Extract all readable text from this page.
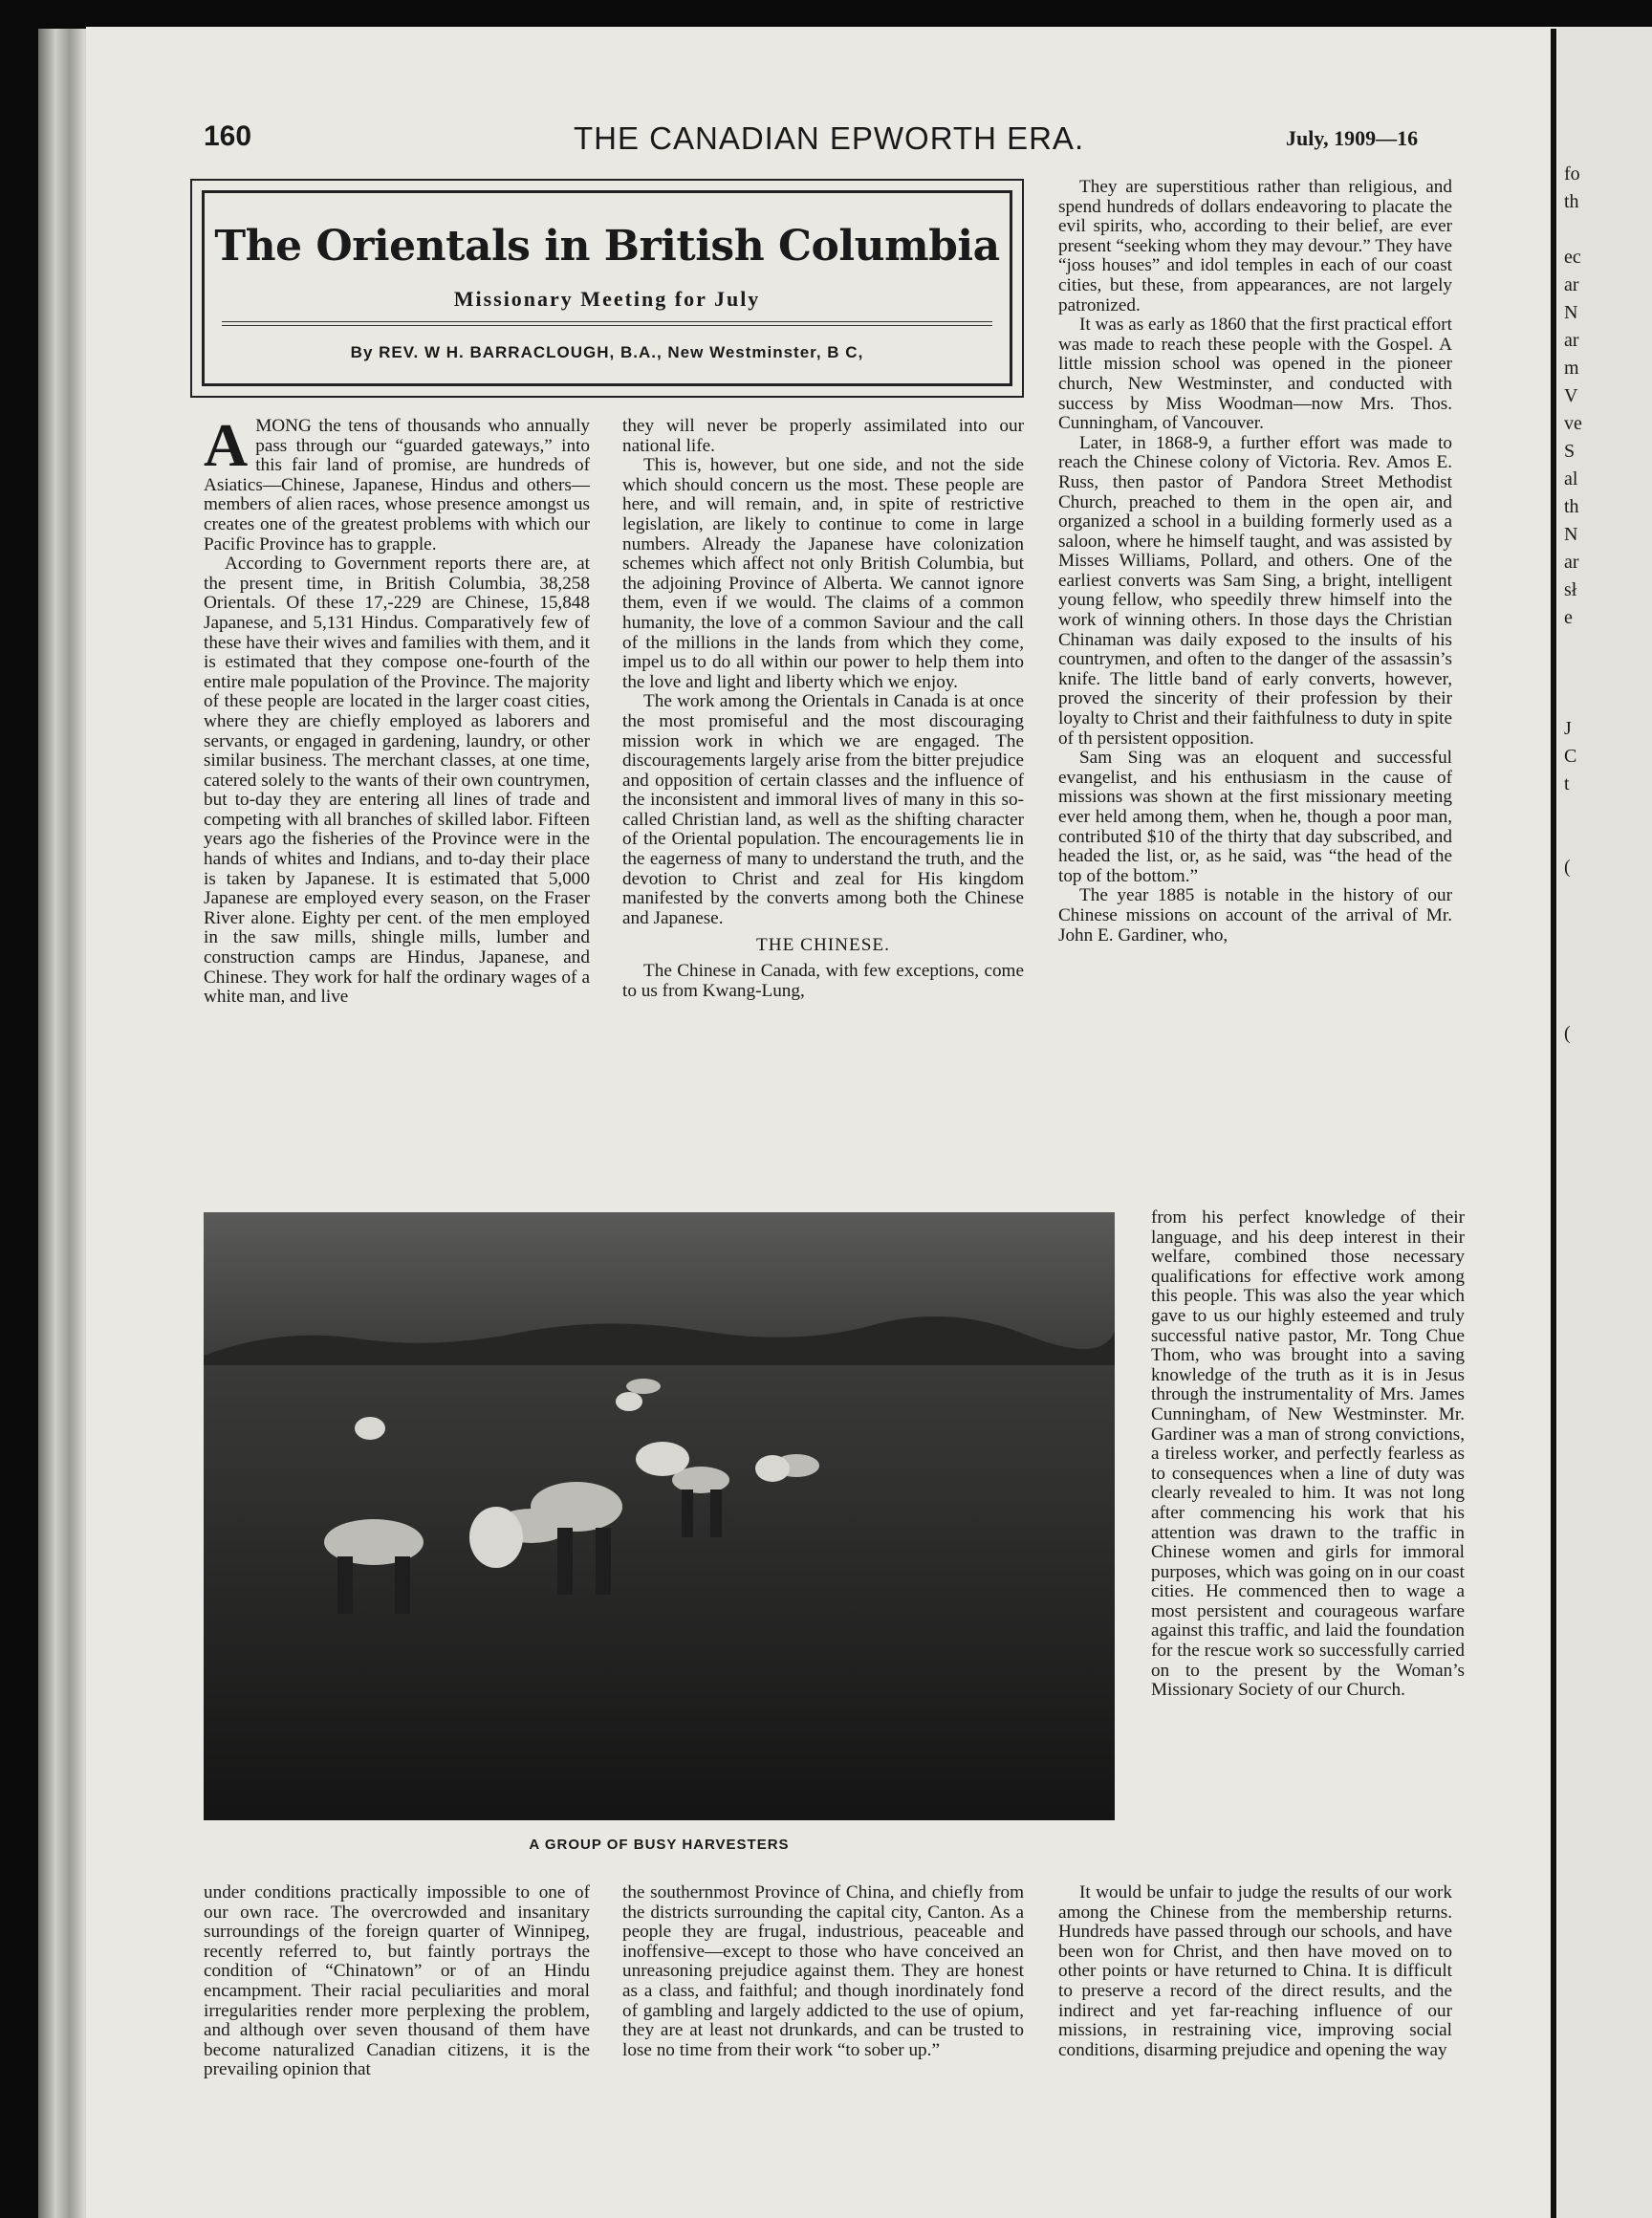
fo
th

ec
ar
N
ar
m
V
ve
S
al
th
N
ar
sł
e

J
C
t

(

(
160	THE CANADIAN EPWORTH ERA.	July, 1909—16
The Orientals in British Columbia
Missionary Meeting for July
By REV. W H. BARRACLOUGH, B.A., New Westminster, B C,

AMONG the tens of thousands who annually pass through our “guarded gateways,” into this fair land of promise, are hundreds of Asiatics—Chinese, Japanese, Hindus and others—members of alien races, whose presence amongst us creates one of the greatest problems with which our Pacific Province has to grapple.

According to Government reports there are, at the present time, in British Columbia, 38,258 Orientals. Of these 17,-229 are Chinese, 15,848 Japanese, and 5,131 Hindus. Comparatively few of these have their wives and families with them, and it is estimated that they compose one-fourth of the entire male population of the Province. The majority of these people are located in the larger coast cities, where they are chiefly employed as laborers and servants, or engaged in gardening, laundry, or other similar business. The merchant classes, at one time, catered solely to the wants of their own countrymen, but to-day they are entering all lines of trade and competing with all branches of skilled labor. Fifteen years ago the fisheries of the Province were in the hands of whites and Indians, and to-day their place is taken by Japanese. It is estimated that 5,000 Japanese are employed every season, on the Fraser River alone. Eighty per cent. of the men employed in the saw mills, shingle mills, lumber and construction camps are Hindus, Japanese, and Chinese. They work for half the ordinary wages of a white man, and live

they will never be properly assimilated into our national life.

This is, however, but one side, and not the side which should concern us the most. These people are here, and will remain, and, in spite of restrictive legislation, are likely to continue to come in large numbers. Already the Japanese have colonization schemes which affect not only British Columbia, but the adjoining Province of Alberta. We cannot ignore them, even if we would. The claims of a common humanity, the love of a common Saviour and the call of the millions in the lands from which they come, impel us to do all within our power to help them into the love and light and liberty which we enjoy.

The work among the Orientals in Canada is at once the most promiseful and the most discouraging mission work in which we are engaged. The discouragements largely arise from the bitter prejudice and opposition of certain classes and the influence of the inconsistent and immoral lives of many in this so-called Christian land, as well as the shifting character of the Oriental population. The encouragements lie in the eagerness of many to understand the truth, and the devotion to Christ and zeal for His kingdom manifested by the converts among both the Chinese and Japanese.

THE CHINESE.

The Chinese in Canada, with few exceptions, come to us from Kwang-Lung,

They are superstitious rather than religious, and spend hundreds of dollars endeavoring to placate the evil spirits, who, according to their belief, are ever present “seeking whom they may devour.” They have “joss houses” and idol temples in each of our coast cities, but these, from appearances, are not largely patronized.

It was as early as 1860 that the first practical effort was made to reach these people with the Gospel. A little mission school was opened in the pioneer church, New Westminster, and conducted with success by Miss Woodman—now Mrs. Thos. Cunningham, of Vancouver.

Later, in 1868-9, a further effort was made to reach the Chinese colony of Victoria. Rev. Amos E. Russ, then pastor of Pandora Street Methodist Church, preached to them in the open air, and organized a school in a building formerly used as a saloon, where he himself taught, and was assisted by Misses Williams, Pollard, and others. One of the earliest converts was Sam Sing, a bright, intelligent young fellow, who speedily threw himself into the work of winning others. In those days the Christian Chinaman was daily exposed to the insults of his countrymen, and often to the danger of the assassin’s knife. The little band of early converts, however, proved the sincerity of their profession by their loyalty to Christ and their faithfulness to duty in spite of th persistent opposition.

Sam Sing was an eloquent and successful evangelist, and his enthusiasm in the cause of missions was shown at the first missionary meeting ever held among them, when he, though a poor man, contributed $10 of the thirty that day subscribed, and headed the list, or, as he said, was “the head of the top of the bottom.”

The year 1885 is notable in the history of our Chinese missions on account of the arrival of Mr. John E. Gardiner, who,

A GROUP OF BUSY HARVESTERS

from his perfect knowledge of their language, and his deep interest in their welfare, combined those necessary qualifications for effective work among this people. This was also the year which gave to us our highly esteemed and truly successful native pastor, Mr. Tong Chue Thom, who was brought into a saving knowledge of the truth as it is in Jesus through the instrumentality of Mrs. James Cunningham, of New Westminster. Mr. Gardiner was a man of strong convictions, a tireless worker, and perfectly fearless as to consequences when a line of duty was clearly revealed to him. It was not long after commencing his work that his attention was drawn to the traffic in Chinese women and girls for immoral purposes, which was going on in our coast cities. He commenced then to wage a most persistent and courageous warfare against this traffic, and laid the foundation for the rescue work so successfully carried on to the present by the Woman’s Missionary Society of our Church.

It would be unfair to judge the results of our work among the Chinese from the membership returns. Hundreds have passed through our schools, and have been won for Christ, and then have moved on to other points or have returned to China. It is difficult to preserve a record of the direct results, and the indirect and yet far-reaching influence of our missions, in restraining vice, improving social conditions, disarming prejudice and opening the way

under conditions practically impossible to one of our own race. The overcrowded and insanitary surroundings of the foreign quarter of Winnipeg, recently referred to, but faintly portrays the condition of “Chinatown” or of an Hindu encampment. Their racial peculiarities and moral irregularities render more perplexing the problem, and although over seven thousand of them have become naturalized Canadian citizens, it is the prevailing opinion that

the southernmost Province of China, and chiefly from the districts surrounding the capital city, Canton. As a people they are frugal, industrious, peaceable and inoffensive—except to those who have conceived an unreasoning prejudice against them. They are honest as a class, and faithful; and though inordinately fond of gambling and largely addicted to the use of opium, they are at least not drunkards, and can be trusted to lose no time from their work “to sober up.”
